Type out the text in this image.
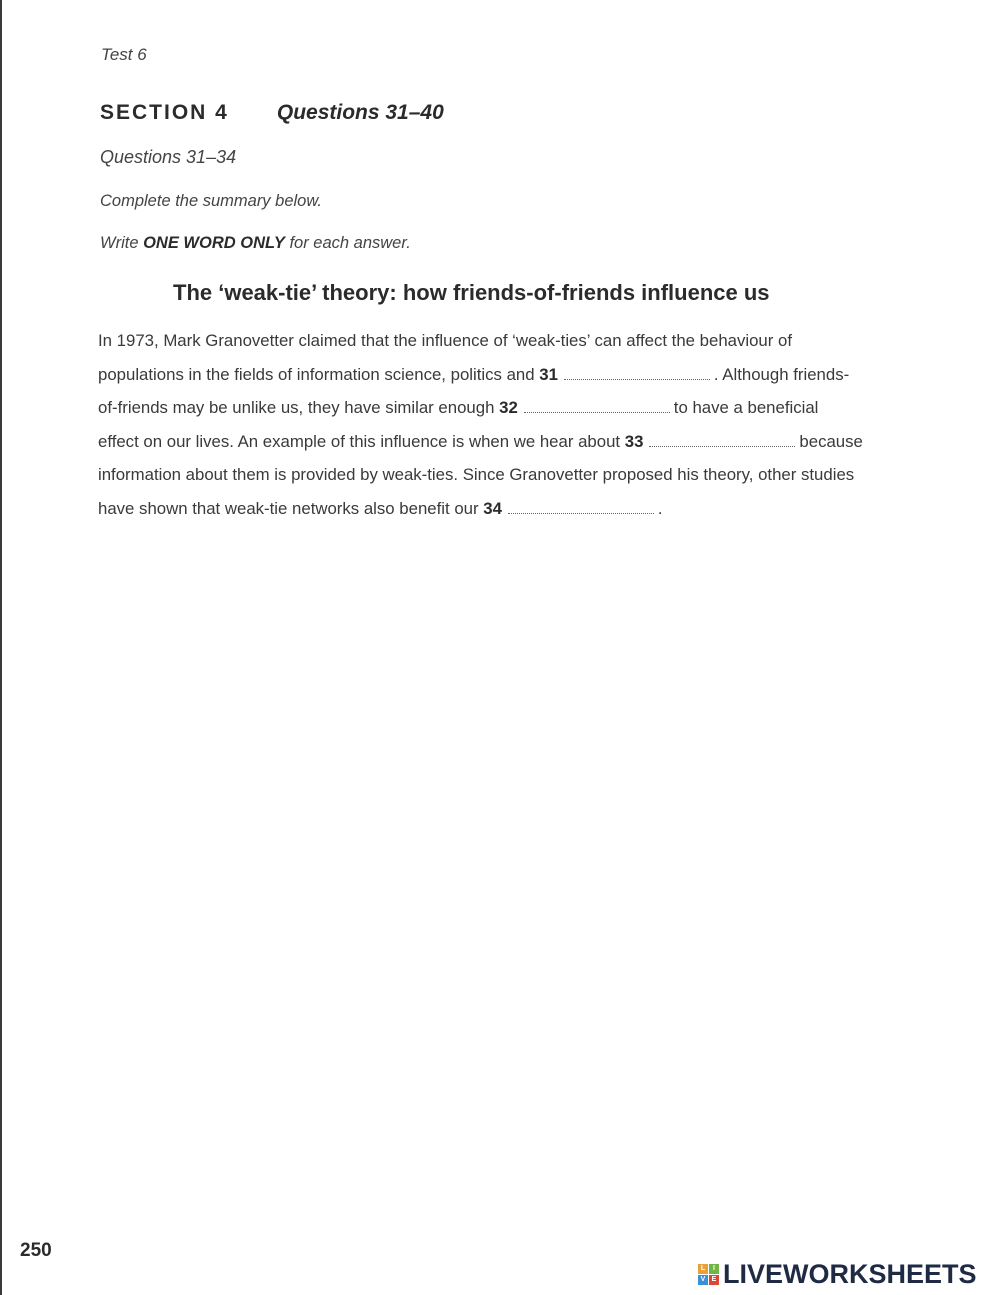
Test 6
SECTION 4 Questions 31–40
Questions 31–34
Complete the summary below.
Write ONE WORD ONLY for each answer.
The ‘weak-tie’ theory: how friends-of-friends influence us
In 1973, Mark Granovetter claimed that the influence of ‘weak-ties’ can affect the behaviour of
populations in the fields of information science, politics and 31	. Although friends-
of-friends may be unlike us, they have similar enough 32	to have a beneficial
effect on our lives. An example of this influence is when we hear about 33	because
information about them is provided by weak-ties. Since Granovetter proposed his theory, other studies
have shown that weak-tie networks also benefit our 34	.
250
L	I
V E LIVEWORKSHEETS
